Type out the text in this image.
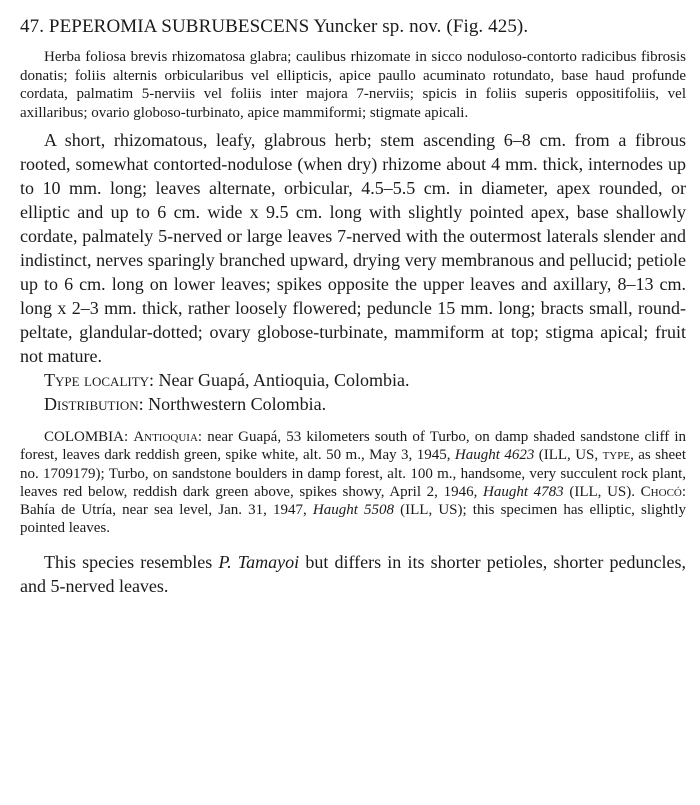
47. PEPEROMIA SUBRUBESCENS Yuncker sp. nov. (Fig. 425).

Herba foliosa brevis rhizomatosa glabra; caulibus rhizomate in sicco noduloso-contorto radicibus fibrosis donatis; foliis alternis orbicularibus vel ellipticis, apice paullo acuminato rotundato, base haud profunde cordata, palmatim 5-nerviis vel foliis inter majora 7-nerviis; spicis in foliis superis oppositifoliis, vel axillaribus; ovario globoso-turbinato, apice mammiformi; stigmate apicali.

A short, rhizomatous, leafy, glabrous herb; stem ascending 6–8 cm. from a fibrous rooted, somewhat contorted-nodulose (when dry) rhizome about 4 mm. thick, internodes up to 10 mm. long; leaves alternate, orbicular, 4.5–5.5 cm. in diameter, apex rounded, or elliptic and up to 6 cm. wide x 9.5 cm. long with slightly pointed apex, base shallowly cordate, palmately 5-nerved or large leaves 7-nerved with the outermost laterals slender and indistinct, nerves sparingly branched upward, drying very membranous and pellucid; petiole up to 6 cm. long on lower leaves; spikes opposite the upper leaves and axillary, 8–13 cm. long x 2–3 mm. thick, rather loosely flowered; peduncle 15 mm. long; bracts small, round-peltate, glandular-dotted; ovary globose-turbinate, mammiform at top; stigma apical; fruit not mature.

Type locality: Near Guapá, Antioquia, Colombia.

Distribution: Northwestern Colombia.

COLOMBIA: Antioquia: near Guapá, 53 kilometers south of Turbo, on damp shaded sandstone cliff in forest, leaves dark reddish green, spike white, alt. 50 m., May 3, 1945, Haught 4623 (ILL, US, type, as sheet no. 1709179); Turbo, on sandstone boulders in damp forest, alt. 100 m., handsome, very succulent rock plant, leaves red below, reddish dark green above, spikes showy, April 2, 1946, Haught 4783 (ILL, US). Chocó: Bahía de Utría, near sea level, Jan. 31, 1947, Haught 5508 (ILL, US); this specimen has elliptic, slightly pointed leaves.

This species resembles P. Tamayoi but differs in its shorter petioles, shorter peduncles, and 5-nerved leaves.
